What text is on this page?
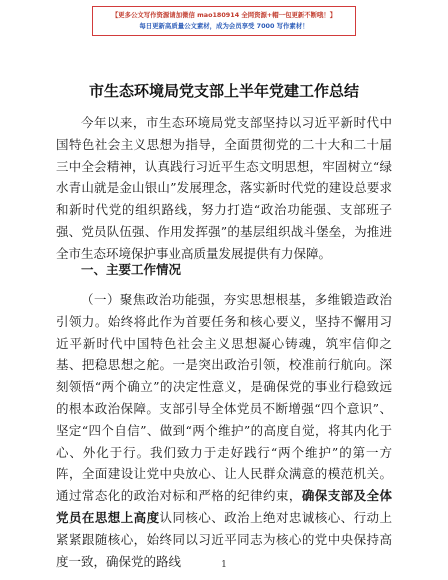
【更多公文写作资源请加微信 mao180914 全网资源+帽一包更新不断哦！】
每日更新高质量公文素材，成为会员享受 7000 写作素材！
市生态环境局党支部上半年党建工作总结

今年以来，市生态环境局党支部坚持以习近平新时代中国特色社会主义思想为指导，全面贯彻党的二十大和二十届三中全会精神，认真践行习近平生态文明思想，牢固树立“绿水青山就是金山银山”发展理念，落实新时代党的建设总要求和新时代党的组织路线，努力打造“政治功能强、支部班子强、党员队伍强、作用发挥强”的基层组织战斗堡垒，为推进全市生态环境保护事业高质量发展提供有力保障。

一、主要工作情况

（一）聚焦政治功能强，夯实思想根基，多维锻造政治引领力。始终将此作为首要任务和核心要义，坚持不懈用习近平新时代中国特色社会主义思想凝心铸魂，筑牢信仰之基、把稳思想之舵。一是突出政治引领，校准前行航向。深刻领悟“两个确立”的决定性意义，是确保党的事业行稳致远的根本政治保障。支部引导全体党员不断增强“四个意识”、坚定“四个自信”、做到“两个维护”的高度自觉，将其内化于心、外化于行。我们致力于走好践行“两个维护”的第一方阵，全面建设让党中央放心、让人民群众满意的模范机关。通过常态化的政治对标和严格的纪律约束，确保支部及全体党员在思想上高度认同核心、政治上绝对忠诚核心、行动上紧紧跟随核心，始终同以习近平同志为核心的党中央保持高度一致，确保党的路线	1
